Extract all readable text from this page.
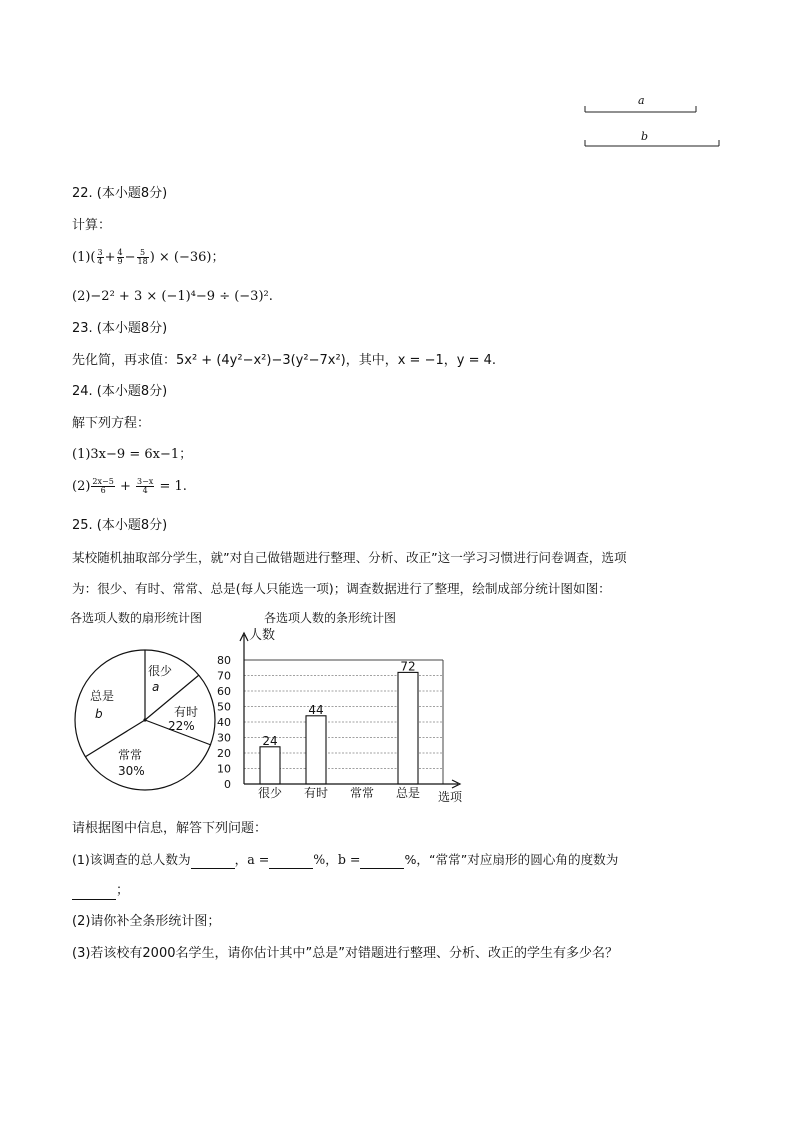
a
b
22. (本小题8分)
计算：
$(1)( \frac{3}{4} + \frac{4}{9} - \frac{5}{18}$ ) × (−36)；
(2)−2² + 3 × (−1)⁴−9 ÷ (−3)².
23. (本小题8分)
先化简，再求值：5x² + (4y²−x²)−3(y²−7x²)，其中，x = −1，y = 4.
24. (本小题8分)
解下列方程：
(1)3x−9 = 6x−1；
$(2) \frac{2x-5}{6} + \frac{3-x}{4} = 1$.
25. (本小题8分)
某校随机抽取部分学生，就”对自己做错题进行整理、分析、改正”这一学习习惯进行问卷调查，选项
为：很少、有时、常常、总是(每人只能选一项)；调查数据进行了整理，绘制成部分统计图如图：
各选项人数的扇形统计图	各选项人数的条形统计图
很少
a
有时
22%
常常
30%
总是
b
0
10
20
30
40
50
60
70
80
24
44
72
很少 有时 常常 总是
人数
选项
请根据图中信息，解答下列问题：
(1)该调查的总人数为	，a =	%，b =	%，“常常”对应扇形的圆心角的度数为
；
(2)请你补全条形统计图；
(3)若该校有2000名学生，请你估计其中”总是”对错题进行整理、分析、改正的学生有多少名？
